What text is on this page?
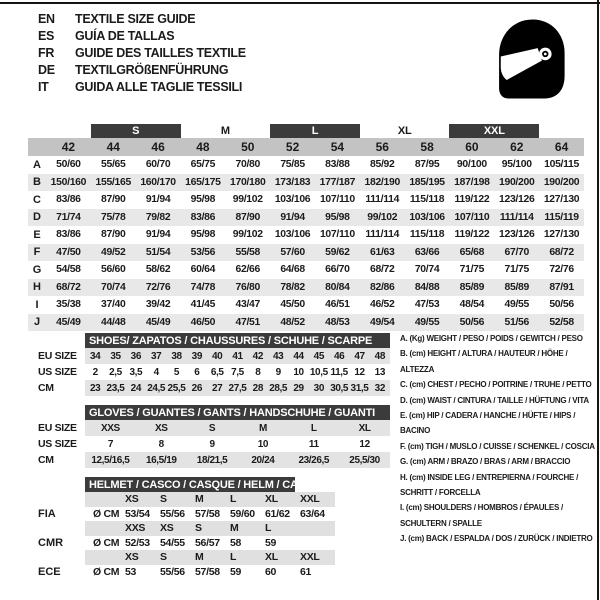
EN	TEXTILE SIZE GUIDE
ES	GUÍA DE TALLAS
FR	GUIDE DES TAILLES TEXTILE
DE	TEXTILGRÖßENFÜHRUNG
IT	GUIDA ALLE TAGLIE TESSILI
S	M	L	XL	XXL
42	44	46	48	50	52	54	56	58	60	62	64
A	50/60	55/65	60/70	65/75	70/80	75/85	83/88	85/92	87/95	90/100	95/100	105/115
B 150/160 155/165 160/170 165/175 170/180 173/183 177/187 182/190 185/195 187/198 190/200 190/200
C	83/86	87/90	91/94	95/98	99/102	103/106 107/110	111/114	115/118 119/122 123/126 127/130
D	71/74	75/78	79/82	83/86	87/90	91/94	95/98	99/102	103/106 107/110	111/114	115/119
E	83/86	87/90	91/94	95/98	99/102	103/106 107/110	111/114	115/118 119/122 123/126 127/130
F	47/50	49/52	51/54	53/56	55/58	57/60	59/62	61/63	63/66	65/68	67/70	68/72
G	54/58	56/60	58/62	60/64	62/66	64/68	66/70	68/72	70/74	71/75	71/75	72/76
H	68/72	70/74	72/76	74/78	76/80	78/82	80/84	82/86	84/88	85/89	85/89	87/91
I	35/38	37/40	39/42	41/45	43/47	45/50	46/51	46/52	47/53	48/54	49/55	50/56
J	45/49	44/48	45/49	46/50	47/51	48/52	48/53	49/54	49/55	50/56	51/56	52/58
SHOES/ ZAPATOS / CHAUSSURES / SCHUHE / SCARPE
EU SIZE	34	35	36	37	38	39	40	41	42	43	44	45	46	47	48
US SIZE	2	2,5 3,5	4	5	6	6,5 7,5	8	9	10 10,5 11,5 12	13
CM	23 23,5 24 24,5 25,5 26	27 27,5 28 28,5 29	30 30,5 31,5 32
GLOVES / GUANTES / GANTS / HANDSCHUHE / GUANTI
EU SIZE	XXS	XS	S	M	L	XL
US SIZE	7	8	9	10	11	12
CM	12,5/16,5	16,5/19	18/21,5	20/24	23/26,5	25,5/30
HELMET / CASCO / CASQUE / HELM / CASCO
XS	S	M	L	XL	XXL
FIA	Ø CM 53/54 55/56 57/58 59/60 61/62 63/64
XXS	XS	S	M	L
CMR	Ø CM 52/53 54/55 56/57 58	59
XS	S	M	L	XL	XXL
ECE	Ø CM 53	55/56 57/58 59	60	61
A. (Kg) WEIGHT / PESO / POIDS / GEWITCH / PESO
B. (cm) HEIGHT / ALTURA / HAUTEUR / HÖHE / ALTEZZA
C. (cm) CHEST / PECHO / POITRINE / TRUHE / PETTO
D. (cm) WAIST / CINTURA / TAILLE / HÜFTUNG / VITA
E. (cm) HIP / CADERA / HANCHE / HÜFTE / HIPS / BACINO
F. (cm) TIGH / MUSLO / CUISSE / SCHENKEL / COSCIA
G. (cm) ARM / BRAZO / BRAS / ARM / BRACCIO
H. (cm) INSIDE LEG / ENTREPIERNA / FOURCHE / SCHRITT / FORCELLA
I. (cm) SHOULDERS / HOMBROS / ÉPAULES / SCHULTERN / SPALLE
J. (cm) BACK / ESPALDA / DOS / ZURÜCK / INDIETRO
